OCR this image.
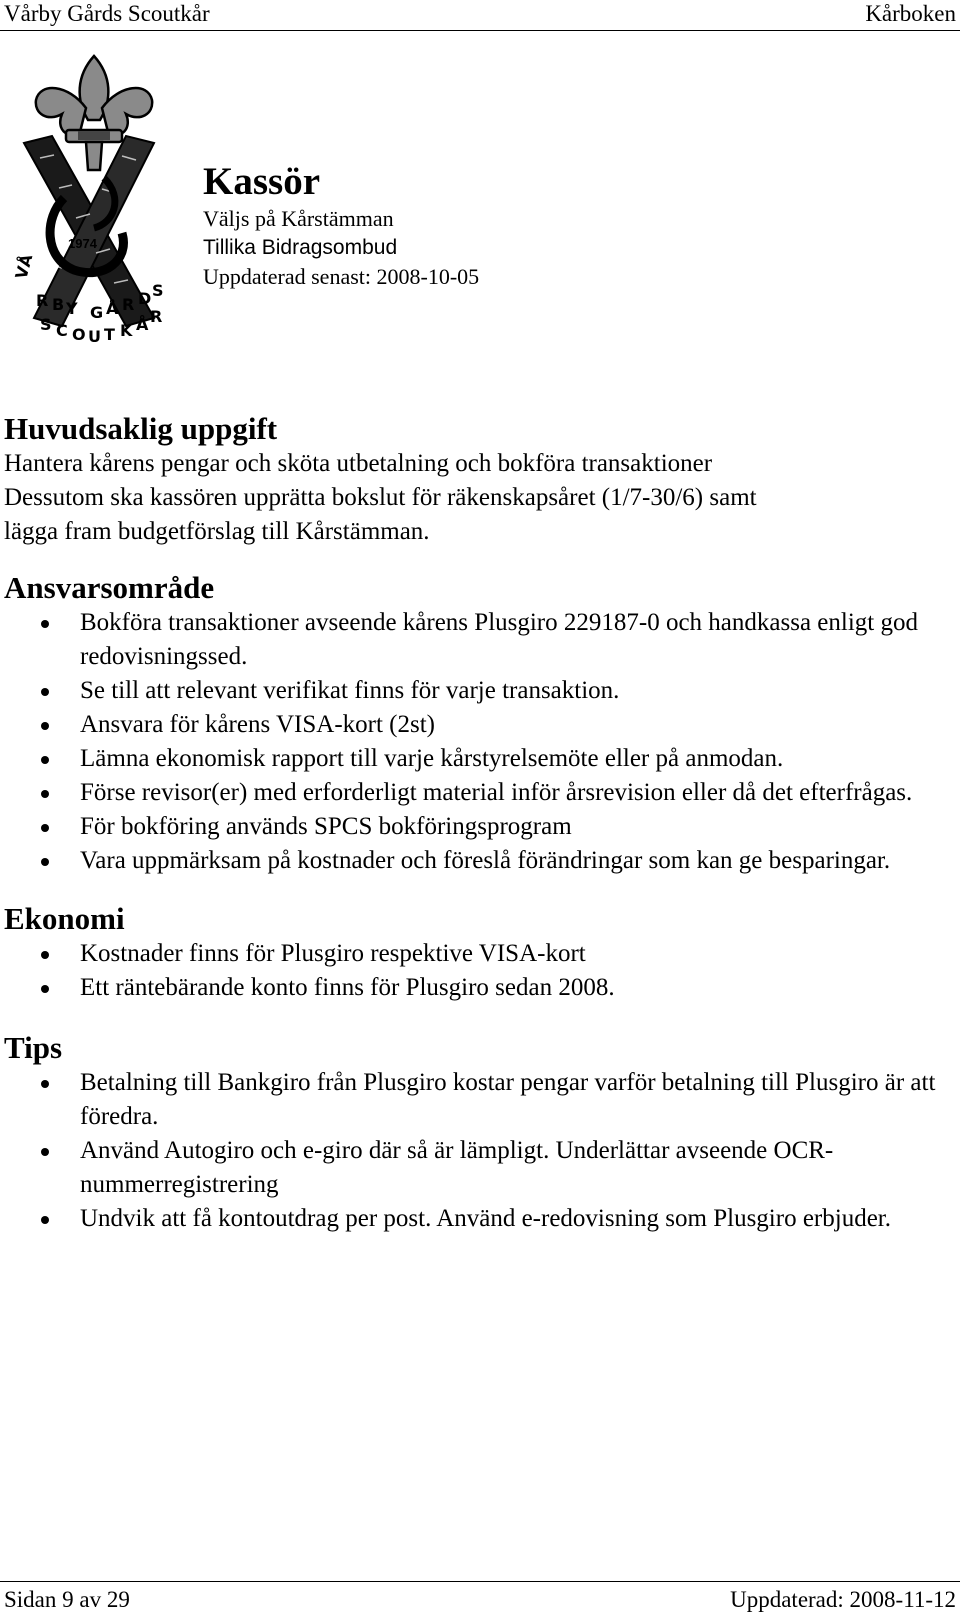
Vårby Gårds Scoutkår	Kårboken
1974
VÅ
R B Y G Å R D S
S C O U T K Å R
Kassör
Väljs på Kårstämman
Tillika Bidragsombud
Uppdaterad senast: 2008-10-05
Huvudsaklig uppgift

Hantera kårens pengar och sköta utbetalning och bokföra transaktioner

Dessutom ska kassören upprätta bokslut för räkenskapsåret (1/7-30/6) samt

lägga fram budgetförslag till Kårstämman.

Ansvarsområde
Bokföra transaktioner avseende kårens Plusgiro 229187-0 och handkassa enligt god redovisningssed.
Se till att relevant verifikat finns för varje transaktion.
Ansvara för kårens VISA-kort (2st)
Lämna ekonomisk rapport till varje kårstyrelsemöte eller på anmodan.
Förse revisor(er) med erforderligt material inför årsrevision eller då det efterfrågas.
För bokföring används SPCS bokföringsprogram
Vara uppmärksam på kostnader och föreslå förändringar som kan ge besparingar.
Ekonomi
Kostnader finns för Plusgiro respektive VISA-kort
Ett räntebärande konto finns för Plusgiro sedan 2008.
Tips
Betalning till Bankgiro från Plusgiro kostar pengar varför betalning till Plusgiro är att föredra.
Använd Autogiro och e-giro där så är lämpligt. Underlättar avseende OCR-nummerregistrering
Undvik att få kontoutdrag per post. Använd e-redovisning som Plusgiro erbjuder.
Sidan 9 av 29	Uppdaterad: 2008-11-12
